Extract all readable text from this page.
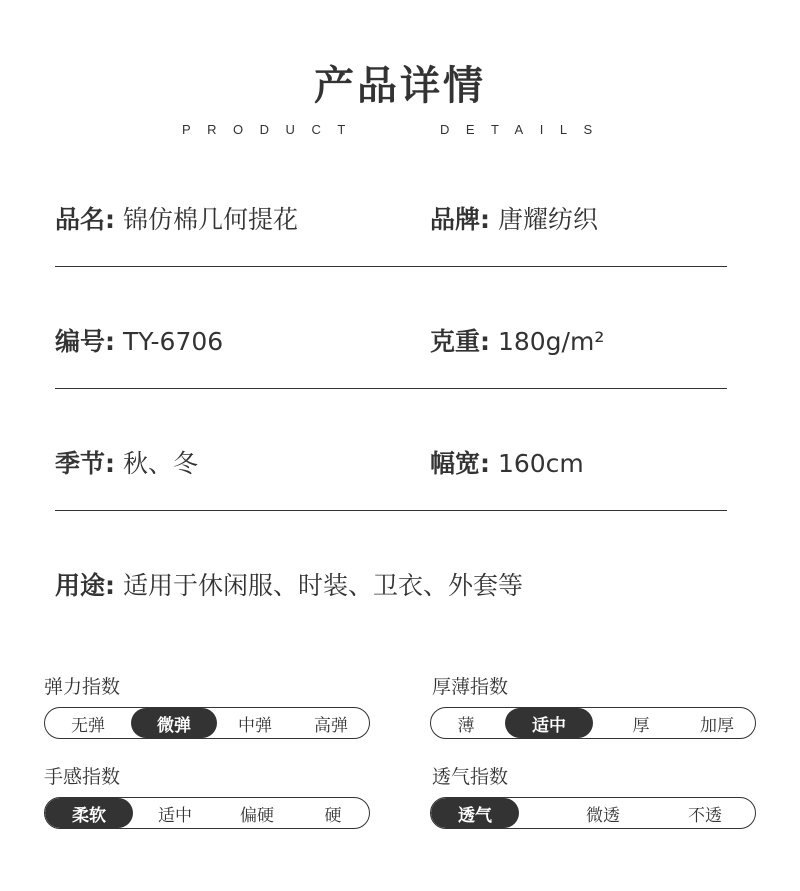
产品详情
PRODUCT	DETAILS
品名: 锦仿棉几何提花	品牌: 唐耀纺织
编号: TY-6706	克重: 180g/m²
季节: 秋、冬	幅宽: 160cm
用途: 适用于休闲服、时装、卫衣、外套等
弹力指数
无弹	微弹	中弹	高弹
厚薄指数
薄	适中	厚	加厚
手感指数
柔软	适中	偏硬	硬
透气指数
透气	微透	不透
